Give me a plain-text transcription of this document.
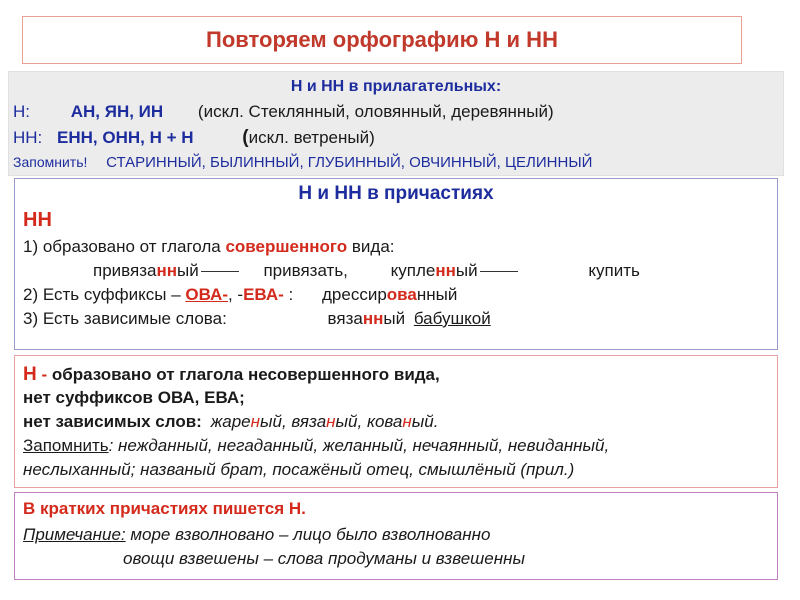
Повторяем орфографию Н и НН
Н и НН в прилагательных:
Н: АН, ЯН, ИН (искл. Стеклянный, оловянный, деревянный)
НН: ЕНН, ОНН, Н + Н	(искл. ветреный)
Запомнить! СТАРИННЫЙ, БЫЛИННЫЙ, ГЛУБИННЫЙ, ОВЧИННЫЙ, ЦЕЛИННЫЙ
Н и НН в причастиях
НН
1) образовано от глагола совершенного вида:
привязанный	привязать,	купленный	купить
2) Есть суффиксы – ОВА-, -ЕВА- : дрессированный
3) Есть зависимые слова:	вязанный бабушкой
Н - образовано от глагола несовершенного вида,
нет суффиксов ОВА, ЕВА;
нет зависимых слов: жареный, вязаный, кованый.
Запомнить: нежданный, негаданный, желанный, нечаянный, невиданный,
неслыханный; названый брат, посажёный отец, смышлёный (прил.)
В кратких причастиях пишется Н.
Примечание: море взволновано – лицо было взволнованно
овощи взвешены – слова продуманы и взвешенны
